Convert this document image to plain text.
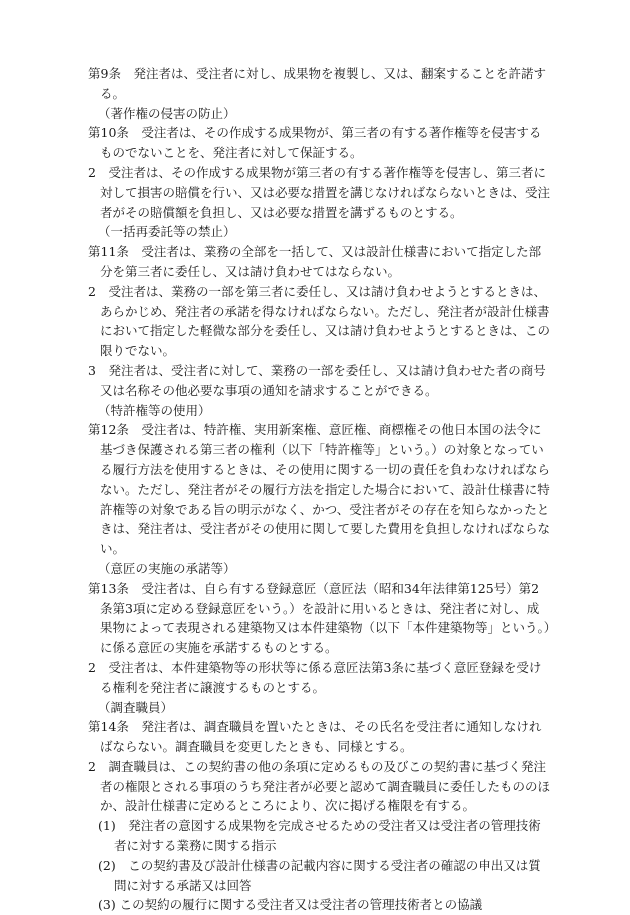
第9条　発注者は、受注者に対し、成果物を複製し、又は、翻案することを許諾する。

（著作権の侵害の防止）

第10条　受注者は、その作成する成果物が、第三者の有する著作権等を侵害するものでないことを、発注者に対して保証する。

2　受注者は、その作成する成果物が第三者の有する著作権等を侵害し、第三者に対して損害の賠償を行い、又は必要な措置を講じなければならないときは、受注者がその賠償額を負担し、又は必要な措置を講ずるものとする。

（一括再委託等の禁止）

第11条　受注者は、業務の全部を一括して、又は設計仕様書において指定した部分を第三者に委任し、又は請け負わせてはならない。

2　受注者は、業務の一部を第三者に委任し、又は請け負わせようとするときは、あらかじめ、発注者の承諾を得なければならない。ただし、発注者が設計仕様書において指定した軽微な部分を委任し、又は請け負わせようとするときは、この限りでない。

3　発注者は、受注者に対して、業務の一部を委任し、又は請け負わせた者の商号又は名称その他必要な事項の通知を請求することができる。

（特許権等の使用）

第12条　受注者は、特許権、実用新案権、意匠権、商標権その他日本国の法令に基づき保護される第三者の権利（以下「特許権等」という。）の対象となっている履行方法を使用するときは、その使用に関する一切の責任を負わなければならない。ただし、発注者がその履行方法を指定した場合において、設計仕様書に特許権等の対象である旨の明示がなく、かつ、受注者がその存在を知らなかったときは、発注者は、受注者がその使用に関して要した費用を負担しなければならない。

（意匠の実施の承諾等）

第13条　受注者は、自ら有する登録意匠（意匠法（昭和34年法律第125号）第2条第3項に定める登録意匠をいう。）を設計に用いるときは、発注者に対し、成果物によって表現される建築物又は本件建築物（以下「本件建築物等」という。）に係る意匠の実施を承諾するものとする。

2　受注者は、本件建築物等の形状等に係る意匠法第3条に基づく意匠登録を受ける権利を発注者に譲渡するものとする。

（調査職員）

第14条　発注者は、調査職員を置いたときは、その氏名を受注者に通知しなければならない。調査職員を変更したときも、同様とする。

2　調査職員は、この契約書の他の条項に定めるもの及びこの契約書に基づく発注者の権限とされる事項のうち発注者が必要と認めて調査職員に委任したもののほか、設計仕様書に定めるところにより、次に掲げる権限を有する。

(1)　発注者の意図する成果物を完成させるための受注者又は受注者の管理技術者に対する業務に関する指示

(2)　この契約書及び設計仕様書の記載内容に関する受注者の確認の申出又は質問に対する承諾又は回答

(3) この契約の履行に関する受注者又は受注者の管理技術者との協議
